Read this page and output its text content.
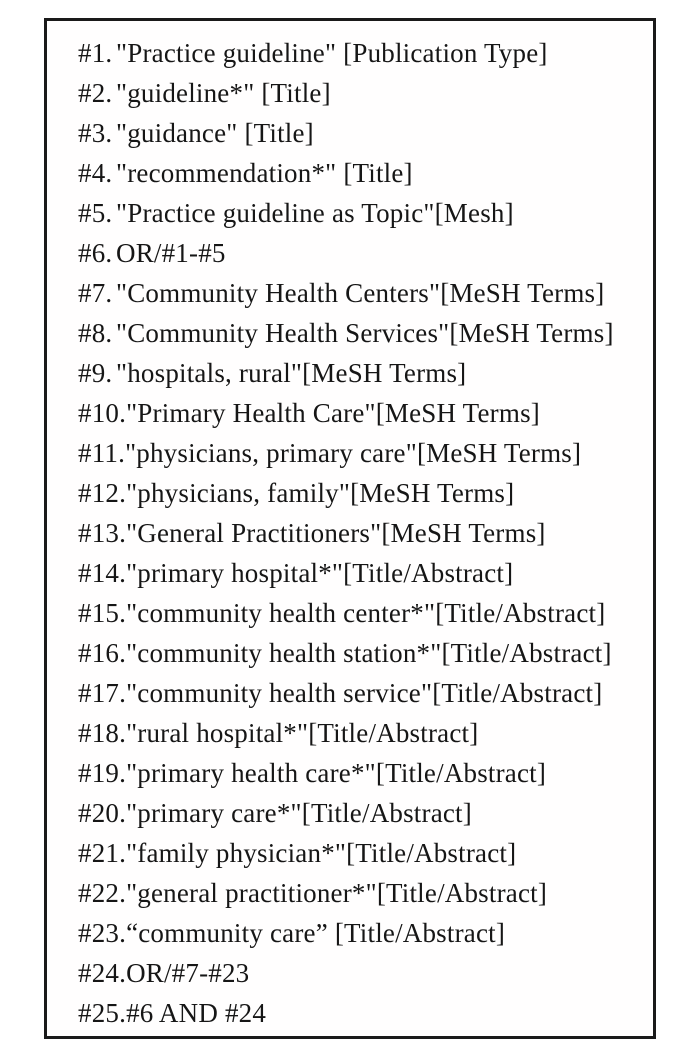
#1. "Practice guideline" [Publication Type]
#2. "guideline*" [Title]
#3. "guidance" [Title]
#4. "recommendation*" [Title]
#5. "Practice guideline as Topic"[Mesh]
#6. OR/#1-#5
#7. "Community Health Centers"[MeSH Terms]
#8. "Community Health Services"[MeSH Terms]
#9. "hospitals, rural"[MeSH Terms]
#10."Primary Health Care"[MeSH Terms]
#11."physicians, primary care"[MeSH Terms]
#12."physicians, family"[MeSH Terms]
#13."General Practitioners"[MeSH Terms]
#14."primary hospital*"[Title/Abstract]
#15."community health center*"[Title/Abstract]
#16."community health station*"[Title/Abstract]
#17."community health service"[Title/Abstract]
#18."rural hospital*"[Title/Abstract]
#19."primary health care*"[Title/Abstract]
#20."primary care*"[Title/Abstract]
#21."family physician*"[Title/Abstract]
#22."general practitioner*"[Title/Abstract]
#23.“community care” [Title/Abstract]
#24.OR/#7-#23
#25.#6 AND #24
